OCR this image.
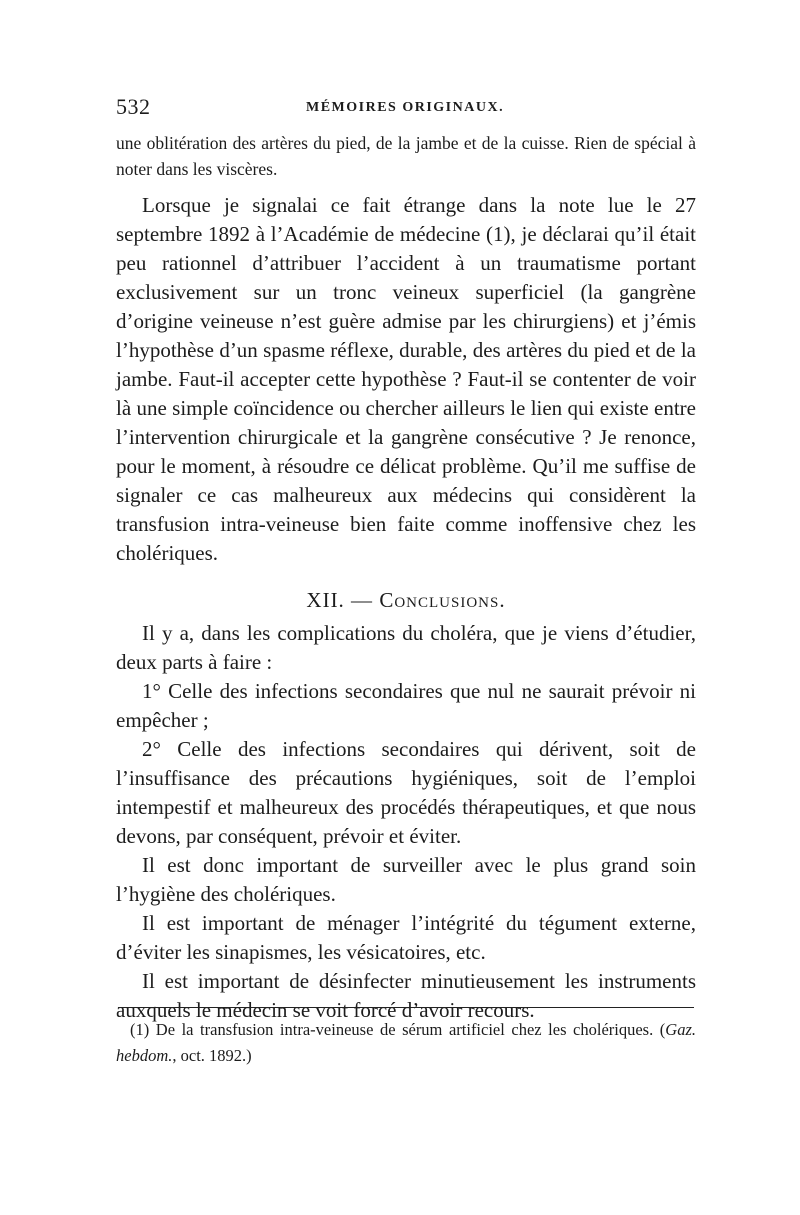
532	MÉMOIRES ORIGINAUX.
une oblitération des artères du pied, de la jambe et de la cuisse. Rien de spécial à noter dans les viscères.

Lorsque je signalai ce fait étrange dans la note lue le 27 septembre 1892 à l’Académie de médecine (1), je déclarai qu’il était peu rationnel d’attribuer l’accident à un traumatisme portant exclusivement sur un tronc veineux superficiel (la gangrène d’origine veineuse n’est guère admise par les chirurgiens) et j’émis l’hypothèse d’un spasme réflexe, durable, des artères du pied et de la jambe. Faut-il accepter cette hypothèse ? Faut-il se contenter de voir là une simple coïncidence ou chercher ailleurs le lien qui existe entre l’intervention chirurgicale et la gangrène consécutive ? Je renonce, pour le moment, à résoudre ce délicat problème. Qu’il me suffise de signaler ce cas malheureux aux médecins qui considèrent la transfusion intra-veineuse bien faite comme inoffensive chez les cholériques.

XII. — Conclusions.

Il y a, dans les complications du choléra, que je viens d’étudier, deux parts à faire :

1° Celle des infections secondaires que nul ne saurait prévoir ni empêcher ;

2° Celle des infections secondaires qui dérivent, soit de l’insuffisance des précautions hygiéniques, soit de l’emploi intempestif et malheureux des procédés thérapeutiques, et que nous devons, par conséquent, prévoir et éviter.

Il est donc important de surveiller avec le plus grand soin l’hygiène des cholériques.

Il est important de ménager l’intégrité du tégument externe, d’éviter les sinapismes, les vésicatoires, etc.

Il est important de désinfecter minutieusement les instruments auxquels le médecin se voit forcé d’avoir recours.

(1) De la transfusion intra-veineuse de sérum artificiel chez les cholériques. (Gaz. hebdom., oct. 1892.)
